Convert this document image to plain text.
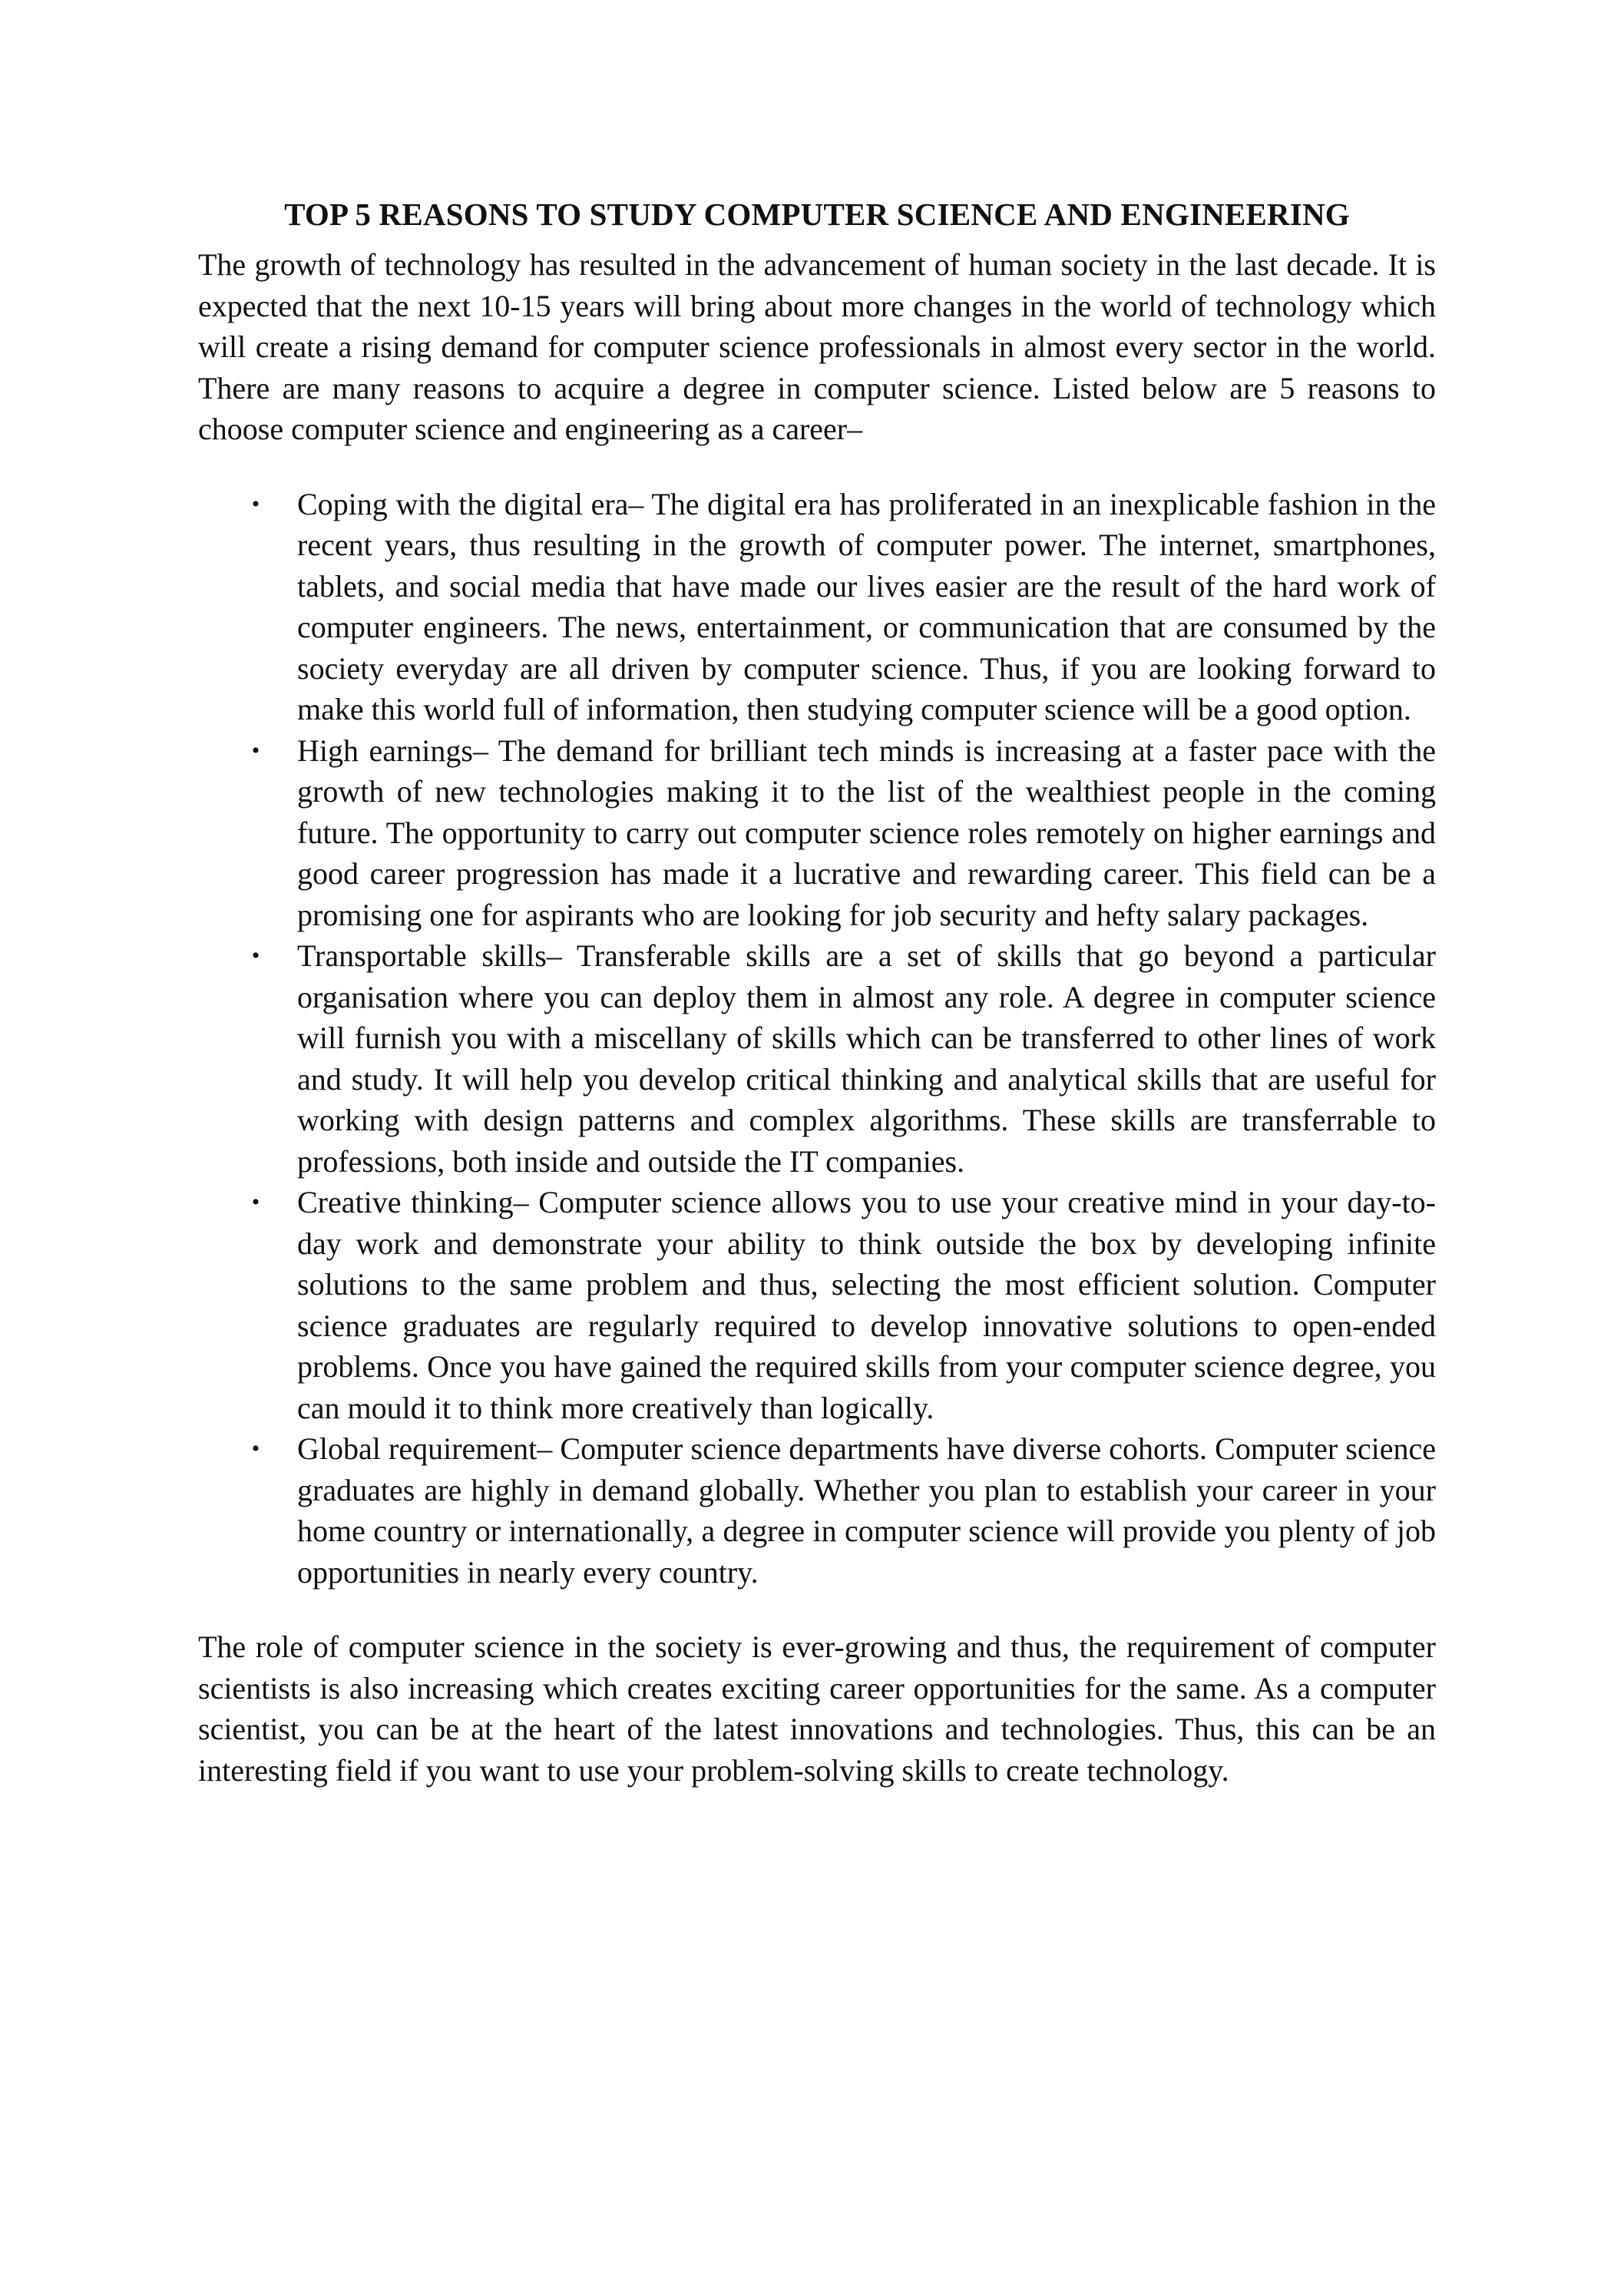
TOP 5 REASONS TO STUDY COMPUTER SCIENCE AND ENGINEERING

The growth of technology has resulted in the advancement of human society in the last decade. It is expected that the next 10-15 years will bring about more changes in the world of technology which will create a rising demand for computer science professionals in almost every sector in the world. There are many reasons to acquire a degree in computer science. Listed below are 5 reasons to choose computer science and engineering as a career–

• Coping with the digital era– The digital era has proliferated in an inexplicable fashion in the recent years, thus resulting in the growth of computer power. The internet, smartphones, tablets, and social media that have made our lives easier are the result of the hard work of computer engineers. The news, entertainment, or communication that are consumed by the society everyday are all driven by computer science. Thus, if you are looking forward to make this world full of information, then studying computer science will be a good option.
• High earnings– The demand for brilliant tech minds is increasing at a faster pace with the growth of new technologies making it to the list of the wealthiest people in the coming future. The opportunity to carry out computer science roles remotely on higher earnings and good career progression has made it a lucrative and rewarding career. This field can be a promising one for aspirants who are looking for job security and hefty salary packages.
• Transportable skills– Transferable skills are a set of skills that go beyond a particular organisation where you can deploy them in almost any role. A degree in computer science will furnish you with a miscellany of skills which can be transferred to other lines of work and study. It will help you develop critical thinking and analytical skills that are useful for working with design patterns and complex algorithms. These skills are transferrable to professions, both inside and outside the IT companies.
• Creative thinking– Computer science allows you to use your creative mind in your day-to-day work and demonstrate your ability to think outside the box by developing infinite solutions to the same problem and thus, selecting the most efficient solution. Computer science graduates are regularly required to develop innovative solutions to open-ended problems. Once you have gained the required skills from your computer science degree, you can mould it to think more creatively than logically.
• Global requirement– Computer science departments have diverse cohorts. Computer science graduates are highly in demand globally. Whether you plan to establish your career in your home country or internationally, a degree in computer science will provide you plenty of job opportunities in nearly every country.

The role of computer science in the society is ever-growing and thus, the requirement of computer scientists is also increasing which creates exciting career opportunities for the same. As a computer scientist, you can be at the heart of the latest innovations and technologies. Thus, this can be an interesting field if you want to use your problem-solving skills to create technology.
